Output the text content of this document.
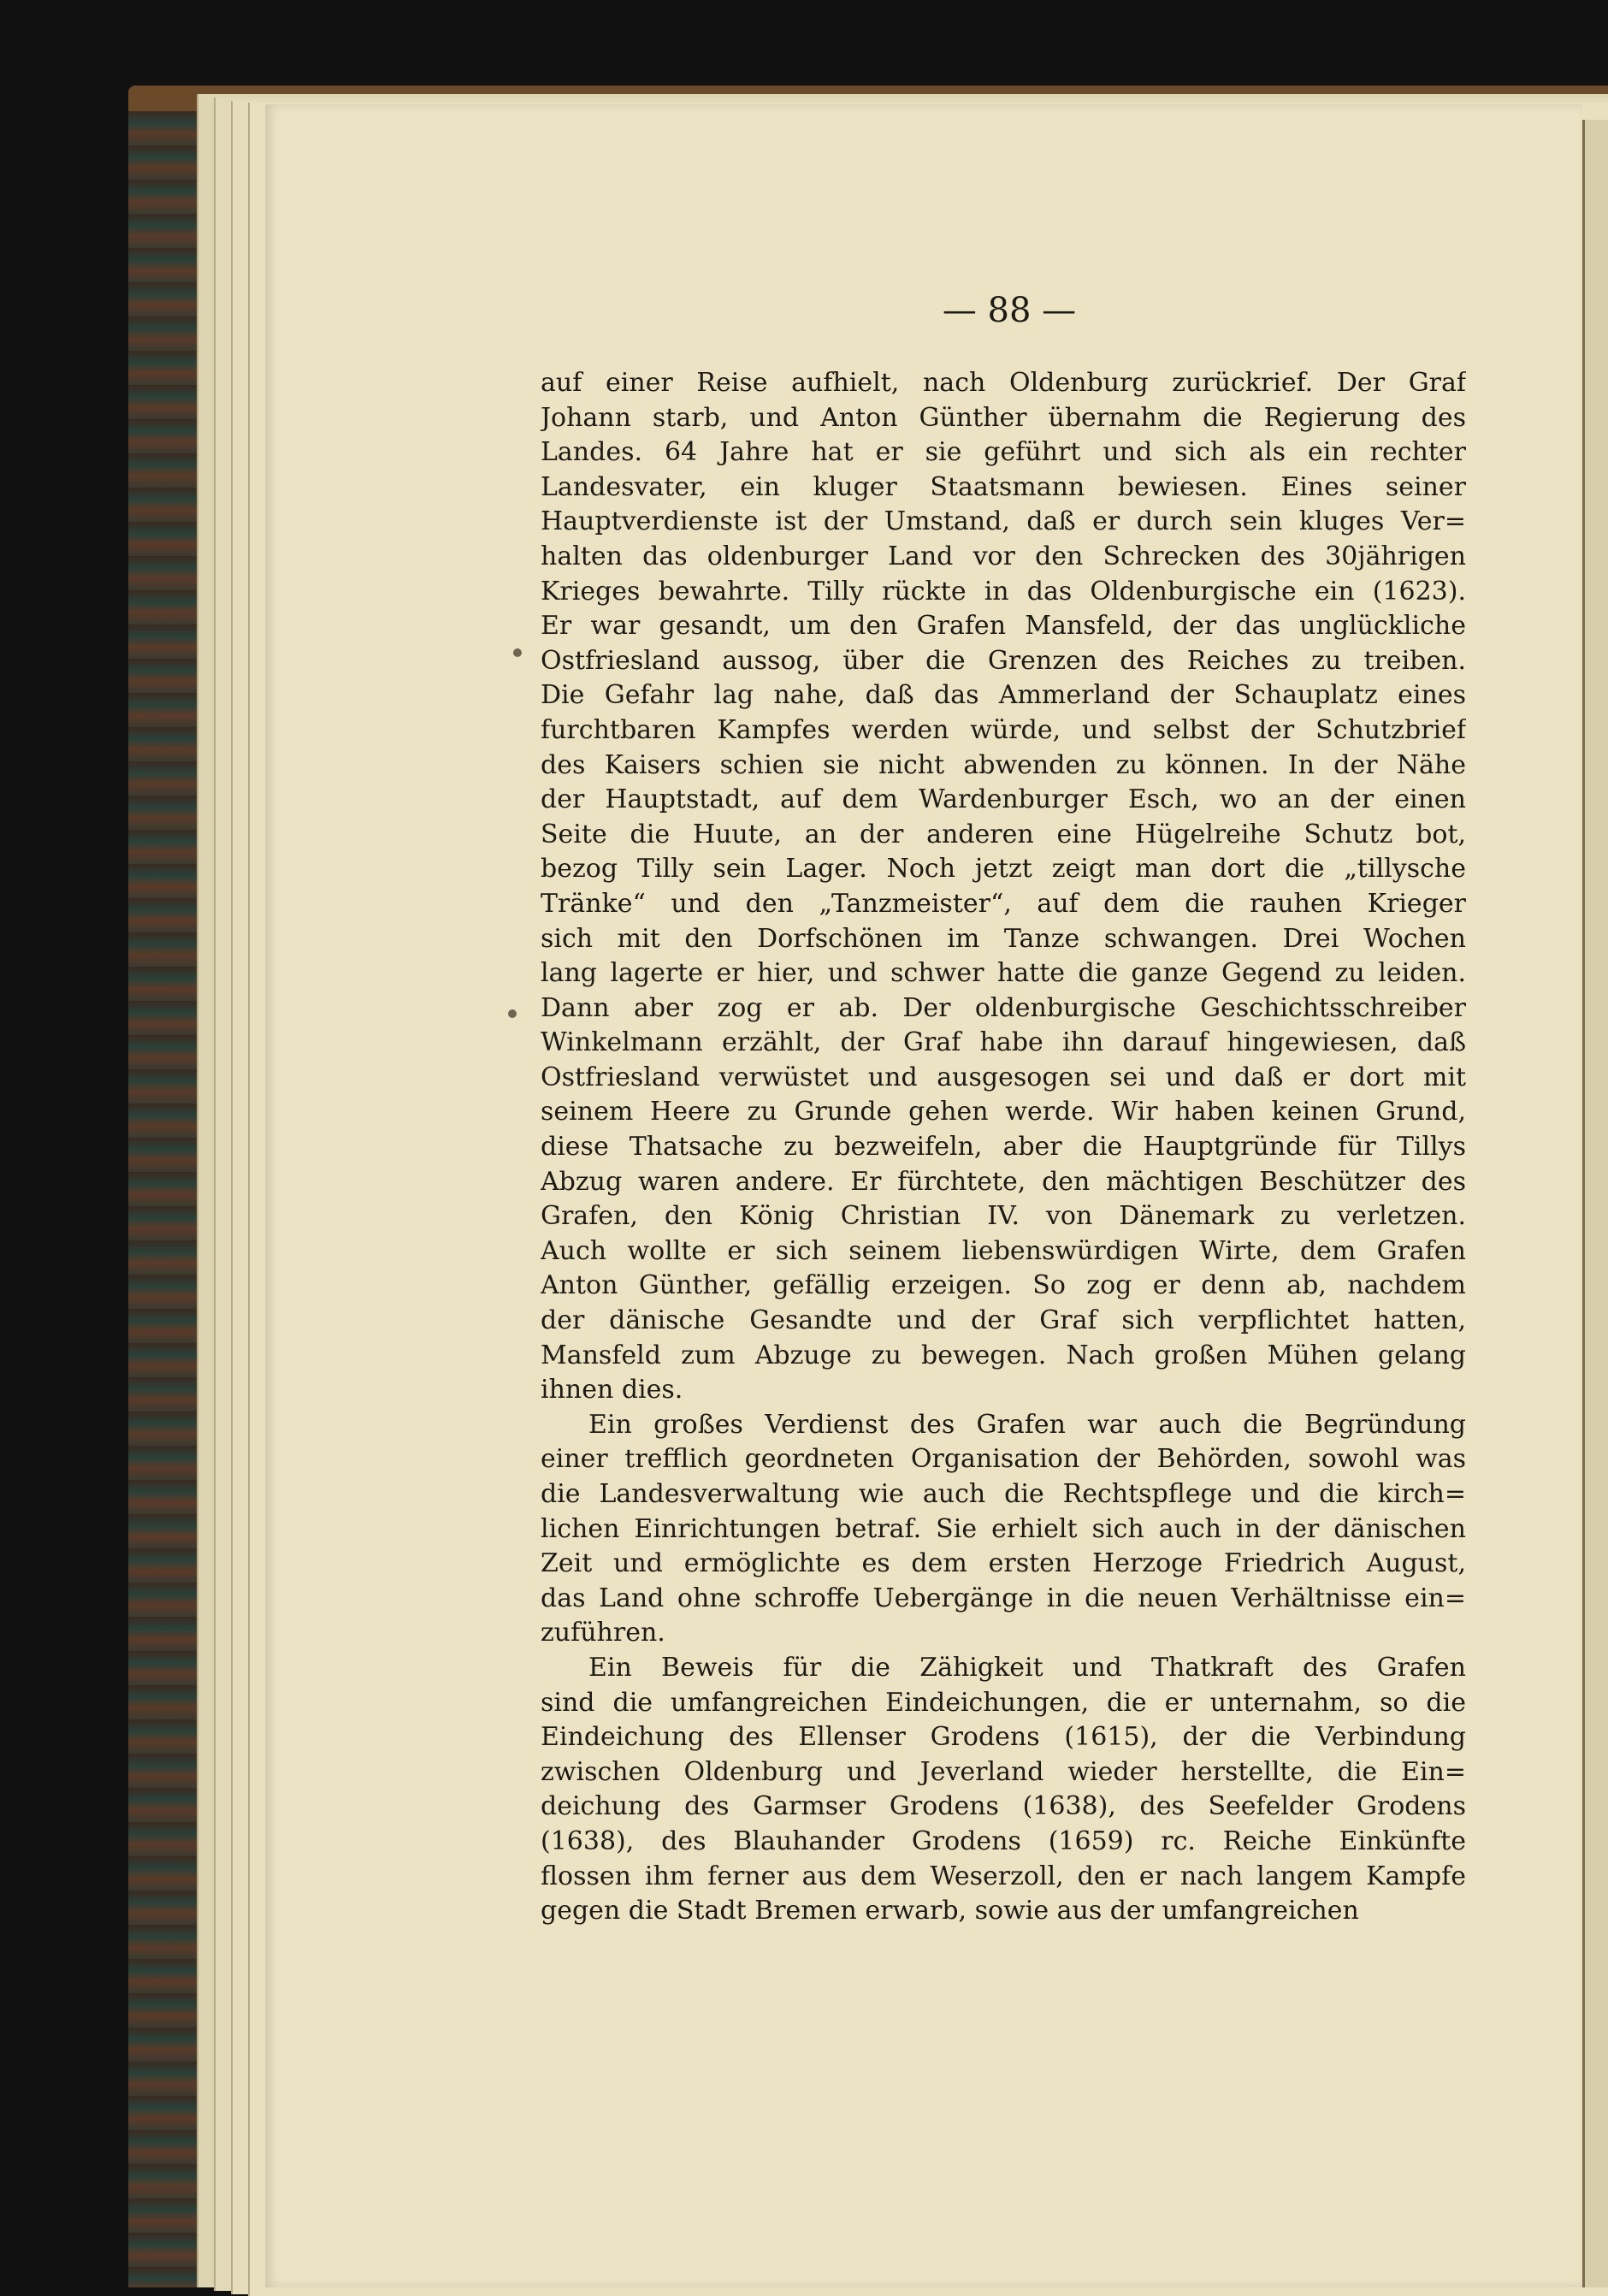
— 88 —
auf einer Reise aufhielt, nach Oldenburg zurückrief. Der Graf
Johann starb, und Anton Günther übernahm die Regierung des
Landes. 64 Jahre hat er sie geführt und sich als ein rechter
Landesvater, ein kluger Staatsmann bewiesen. Eines seiner
Hauptverdienste ist der Umstand, daß er durch sein kluges Ver=
halten das oldenburger Land vor den Schrecken des 30jährigen
Krieges bewahrte. Tilly rückte in das Oldenburgische ein (1623).
Er war gesandt, um den Grafen Mansfeld, der das unglückliche
Ostfriesland aussog, über die Grenzen des Reiches zu treiben.
Die Gefahr lag nahe, daß das Ammerland der Schauplatz eines
furchtbaren Kampfes werden würde, und selbst der Schutzbrief
des Kaisers schien sie nicht abwenden zu können. In der Nähe
der Hauptstadt, auf dem Wardenburger Esch, wo an der einen
Seite die Huute, an der anderen eine Hügelreihe Schutz bot,
bezog Tilly sein Lager. Noch jetzt zeigt man dort die „tillysche
Tränke“ und den „Tanzmeister“, auf dem die rauhen Krieger
sich mit den Dorfschönen im Tanze schwangen. Drei Wochen
lang lagerte er hier, und schwer hatte die ganze Gegend zu leiden.
Dann aber zog er ab. Der oldenburgische Geschichtsschreiber
Winkelmann erzählt, der Graf habe ihn darauf hingewiesen, daß
Ostfriesland verwüstet und ausgesogen sei und daß er dort mit
seinem Heere zu Grunde gehen werde. Wir haben keinen Grund,
diese Thatsache zu bezweifeln, aber die Hauptgründe für Tillys
Abzug waren andere. Er fürchtete, den mächtigen Beschützer des
Grafen, den König Christian IV. von Dänemark zu verletzen.
Auch wollte er sich seinem liebenswürdigen Wirte, dem Grafen
Anton Günther, gefällig erzeigen. So zog er denn ab, nachdem
der dänische Gesandte und der Graf sich verpflichtet hatten,
Mansfeld zum Abzuge zu bewegen. Nach großen Mühen gelang
ihnen dies.
Ein großes Verdienst des Grafen war auch die Begründung
einer trefflich geordneten Organisation der Behörden, sowohl was
die Landesverwaltung wie auch die Rechtspflege und die kirch=
lichen Einrichtungen betraf. Sie erhielt sich auch in der dänischen
Zeit und ermöglichte es dem ersten Herzoge Friedrich August,
das Land ohne schroffe Uebergänge in die neuen Verhältnisse ein=
zuführen.
Ein Beweis für die Zähigkeit und Thatkraft des Grafen
sind die umfangreichen Eindeichungen, die er unternahm, so die
Eindeichung des Ellenser Grodens (1615), der die Verbindung
zwischen Oldenburg und Jeverland wieder herstellte, die Ein=
deichung des Garmser Grodens (1638), des Seefelder Grodens
(1638), des Blauhander Grodens (1659) rc. Reiche Einkünfte
flossen ihm ferner aus dem Weserzoll, den er nach langem Kampfe
gegen die Stadt Bremen erwarb, sowie aus der umfangreichen
